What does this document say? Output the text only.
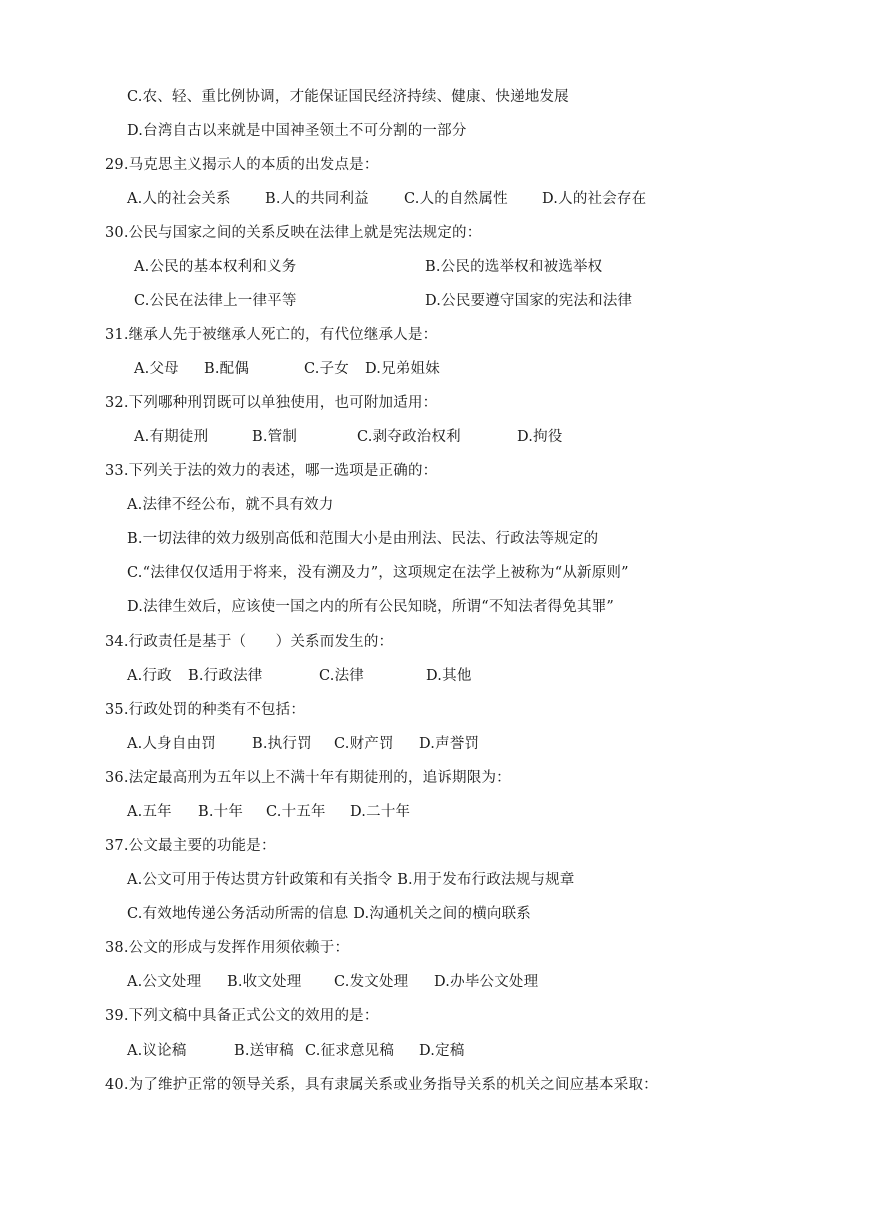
C.农、轻、重比例协调，才能保证国民经济持续、健康、快递地发展
D.台湾自古以来就是中国神圣领土不可分割的一部分
29.马克思主义揭示人的本质的出发点是：
A.人的社会关系 B.人的共同利益 C.人的自然属性 D.人的社会存在
30.公民与国家之间的关系反映在法律上就是宪法规定的：
A.公民的基本权利和义务	B.公民的选举权和被选举权
C.公民在法律上一律平等	D.公民要遵守国家的宪法和法律
31.继承人先于被继承人死亡的，有代位继承人是：
A.父母 B.配偶	C.子女 D.兄弟姐妹
32.下列哪种刑罚既可以单独使用，也可附加适用：
A.有期徒刑	B.管制	C.剥夺政治权利	D.拘役
33.下列关于法的效力的表述，哪一选项是正确的：
A.法律不经公布，就不具有效力
B.一切法律的效力级别高低和范围大小是由刑法、民法、行政法等规定的
C.“法律仅仅适用于将来，没有溯及力”，这项规定在法学上被称为“从新原则”
D.法律生效后，应该使一国之内的所有公民知晓，所谓“不知法者得免其罪”
34.行政责任是基于（　　）关系而发生的：
A.行政 B.行政法律	C.法律	D.其他
35.行政处罚的种类有不包括：
A.人身自由罚 B.执行罚 C.财产罚 D.声誉罚
36.法定最高刑为五年以上不满十年有期徒刑的，追诉期限为：
A.五年 B.十年 C.十五年 D.二十年
37.公文最主要的功能是：
A.公文可用于传达贯方针政策和有关指令 B.用于发布行政法规与规章
C.有效地传递公务活动所需的信息 D.沟通机关之间的横向联系
38.公文的形成与发挥作用须依赖于：
A.公文处理 B.收文处理 C.发文处理 D.办毕公文处理
39.下列文稿中具备正式公文的效用的是：
A.议论稿	B.送审稿 C.征求意见稿 D.定稿
40.为了维护正常的领导关系，具有隶属关系或业务指导关系的机关之间应基本采取：
